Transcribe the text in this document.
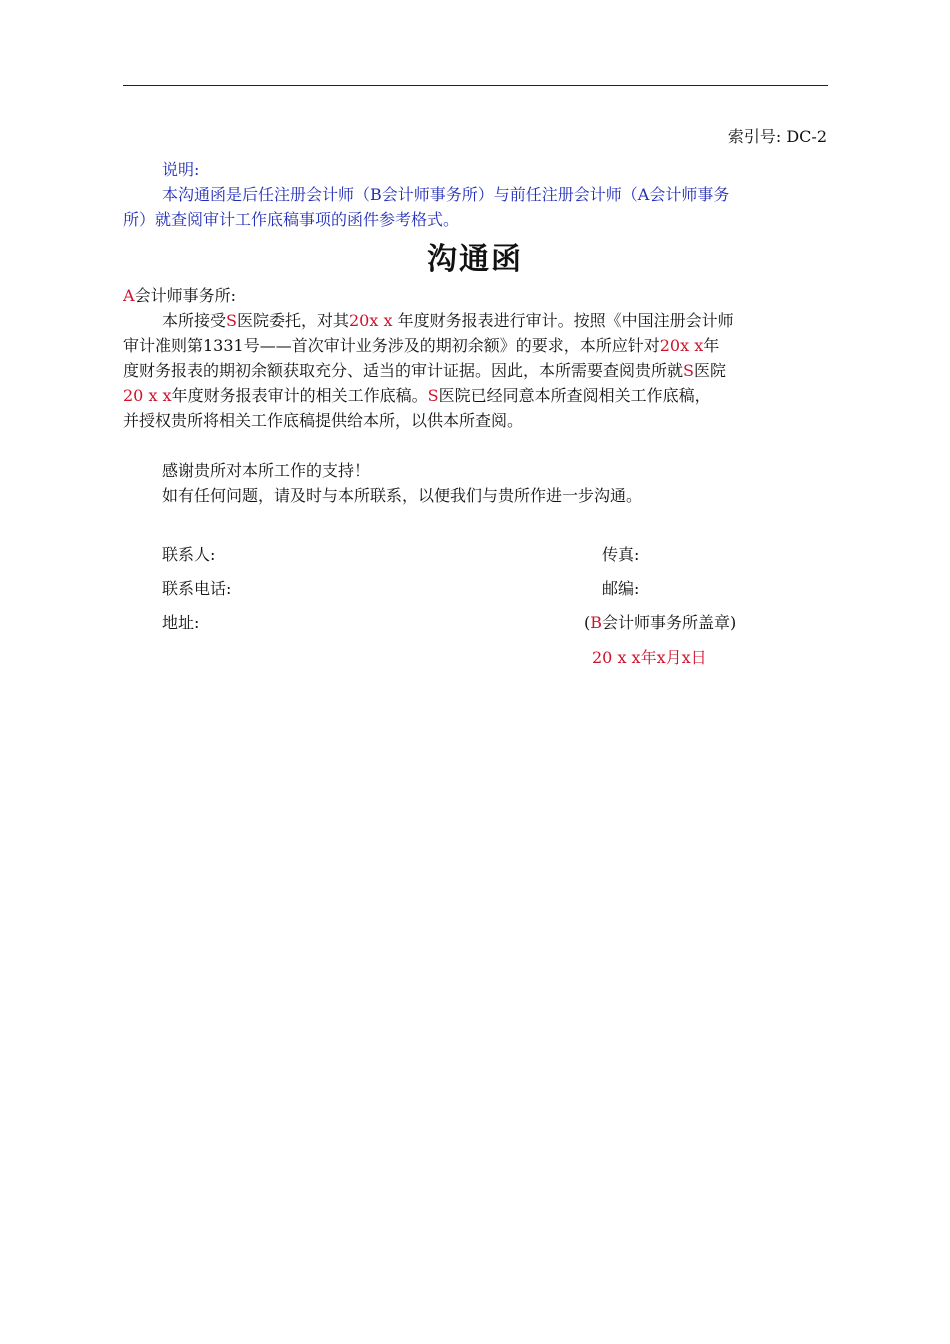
索引号: DC-2
说明:
本沟通函是后任注册会计师（B会计师事务所）与前任注册会计师（A会计师事务
所）就查阅审计工作底稿事项的函件参考格式。
沟通函
A会计师事务所:
本所接受S医院委托，对其20x x 年度财务报表进行审计。按照《中国注册会计师
审计准则第1331号——首次审计业务涉及的期初余额》的要求，本所应针对20x x年
度财务报表的期初余额获取充分、适当的审计证据。因此，本所需要查阅贵所就S医院
20 x x年度财务报表审计的相关工作底稿。S医院已经同意本所查阅相关工作底稿，
并授权贵所将相关工作底稿提供给本所，以供本所查阅。
感谢贵所对本所工作的支持！
如有任何问题，请及时与本所联系，以便我们与贵所作进一步沟通。
联系人:	传真:
联系电话:	邮编:
地址:	(B会计师事务所盖章)
20 x x年x月x日
